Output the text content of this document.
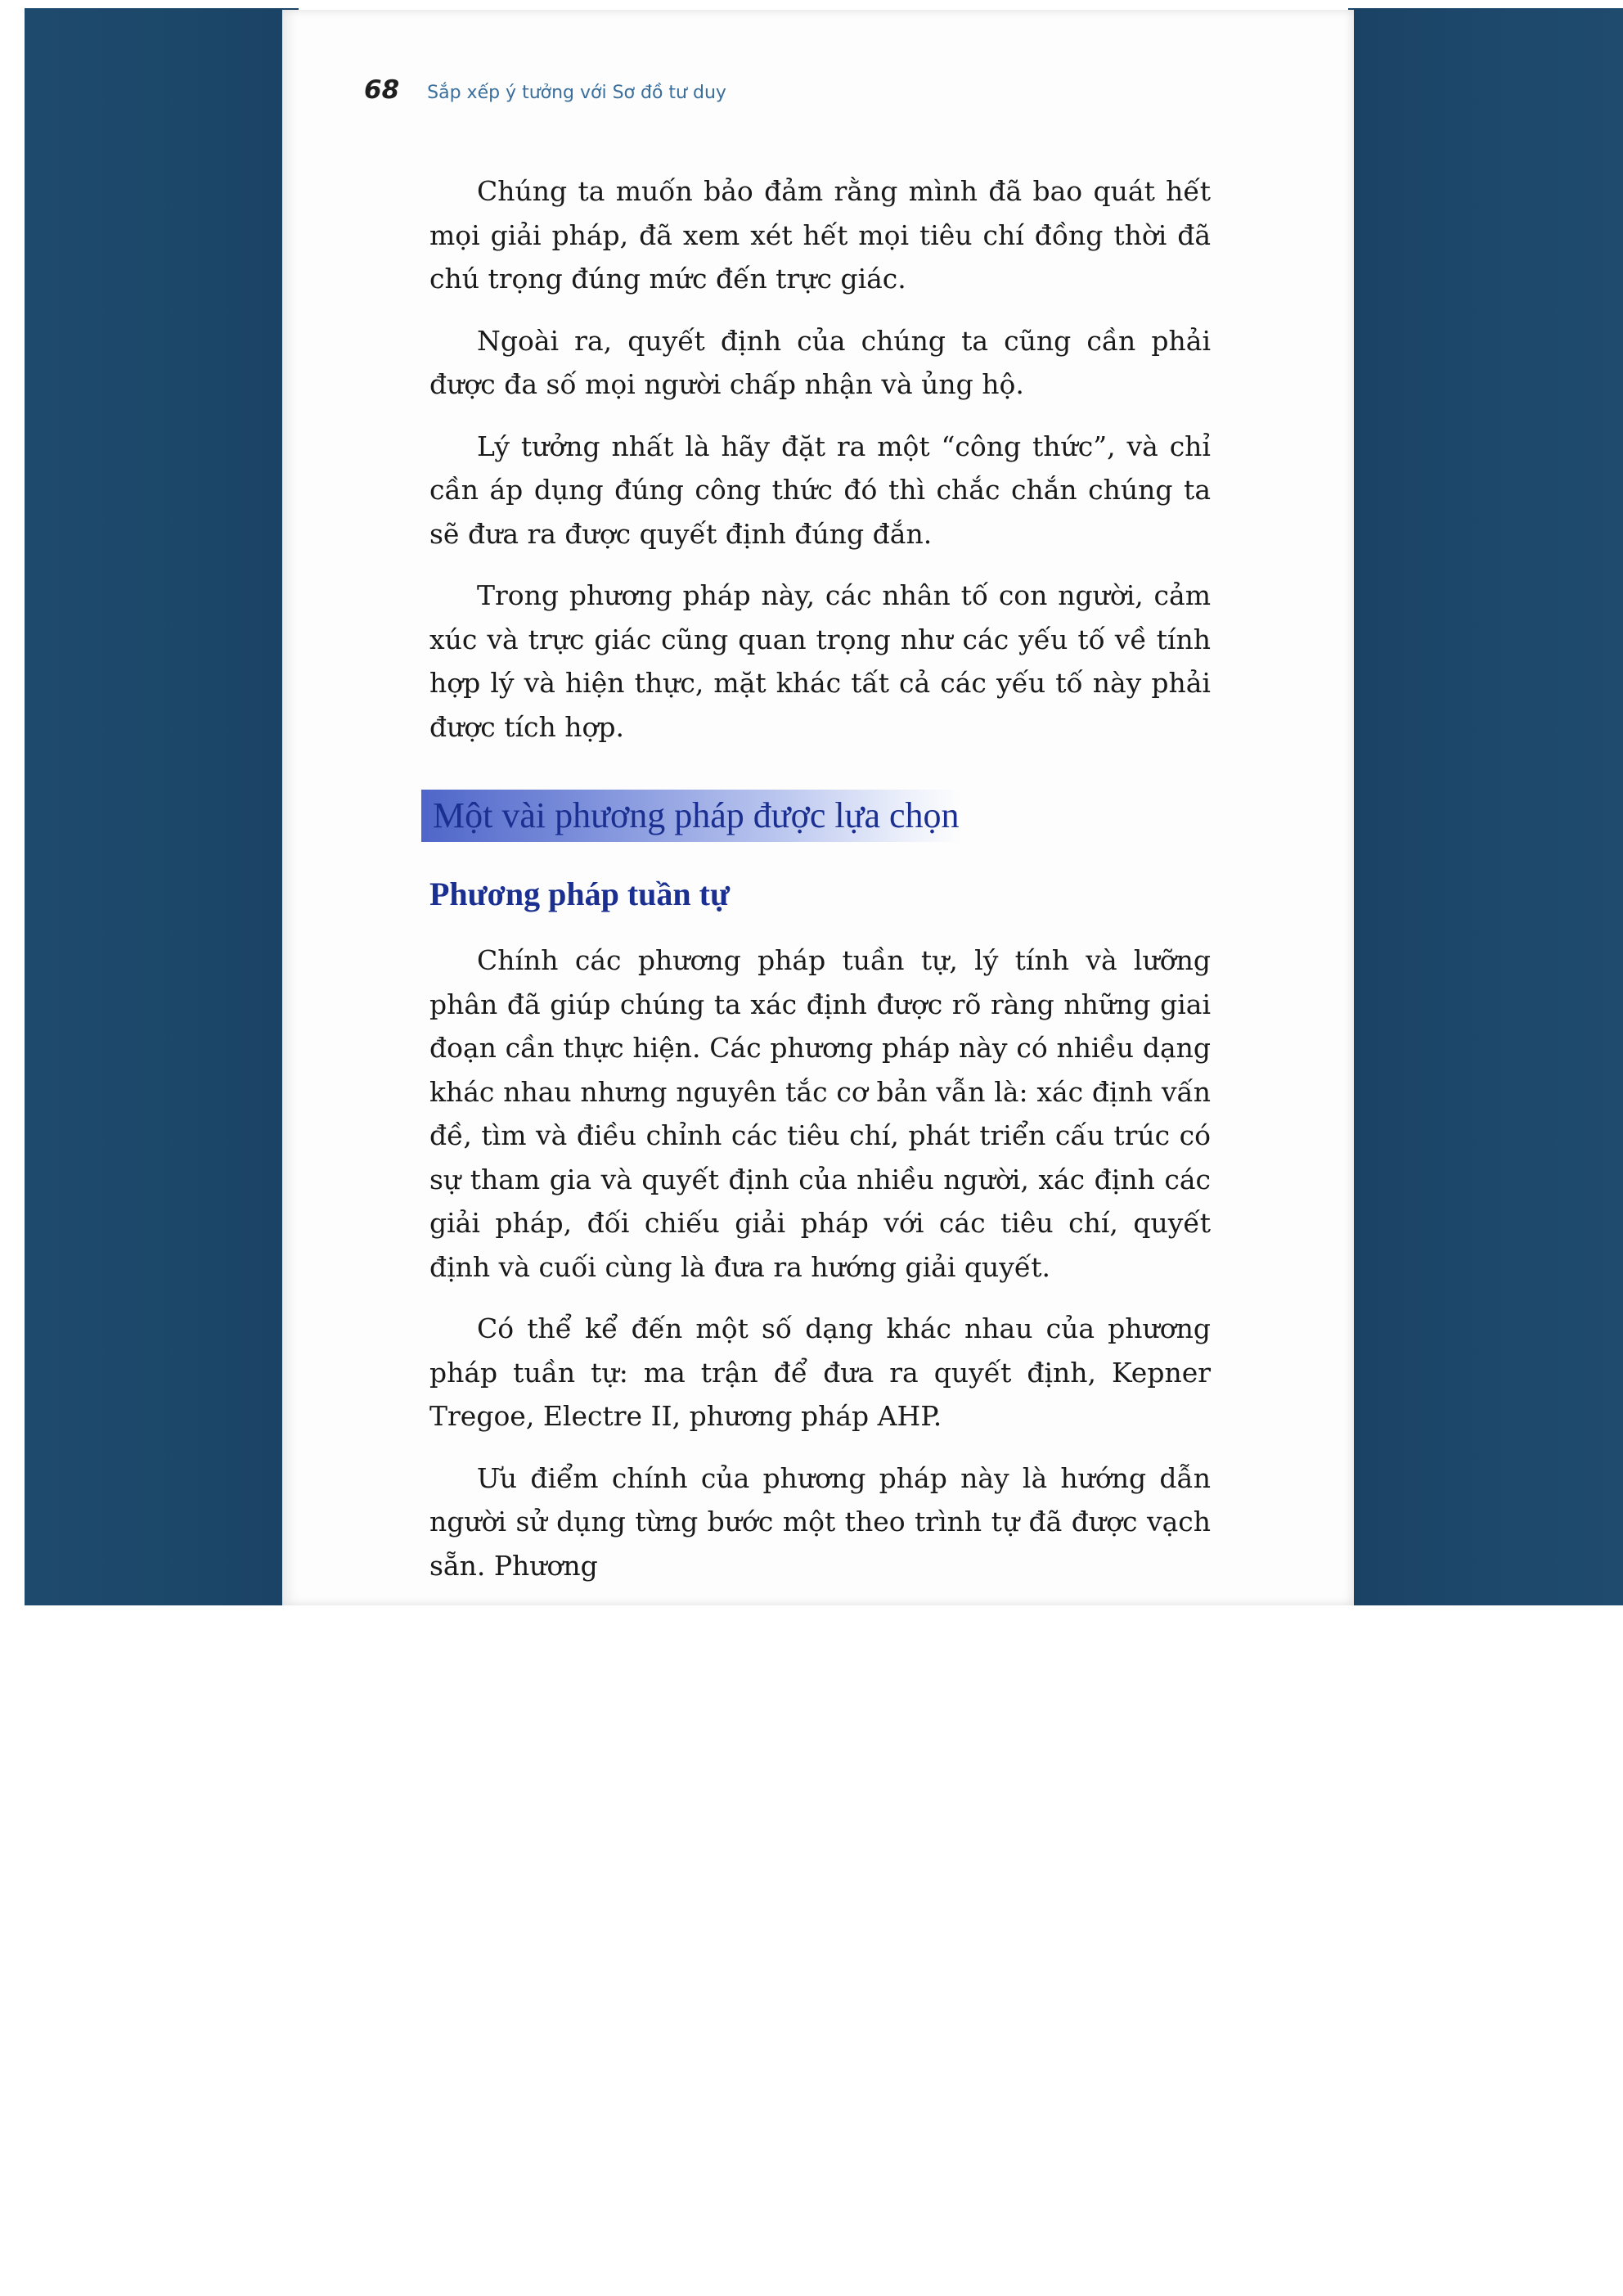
68 Sắp xếp ý tưởng với Sơ đồ tư duy

Chúng ta muốn bảo đảm rằng mình đã bao quát hết mọi giải pháp, đã xem xét hết mọi tiêu chí đồng thời đã chú trọng đúng mức đến trực giác.

Ngoài ra, quyết định của chúng ta cũng cần phải được đa số mọi người chấp nhận và ủng hộ.

Lý tưởng nhất là hãy đặt ra một “công thức”, và chỉ cần áp dụng đúng công thức đó thì chắc chắn chúng ta sẽ đưa ra được quyết định đúng đắn.

Trong phương pháp này, các nhân tố con người, cảm xúc và trực giác cũng quan trọng như các yếu tố về tính hợp lý và hiện thực, mặt khác tất cả các yếu tố này phải được tích hợp.

Một vài phương pháp được lựa chọn
Phương pháp tuần tự

Chính các phương pháp tuần tự, lý tính và lưỡng phân đã giúp chúng ta xác định được rõ ràng những giai đoạn cần thực hiện. Các phương pháp này có nhiều dạng khác nhau nhưng nguyên tắc cơ bản vẫn là: xác định vấn đề, tìm và điều chỉnh các tiêu chí, phát triển cấu trúc có sự tham gia và quyết định của nhiều người, xác định các giải pháp, đối chiếu giải pháp với các tiêu chí, quyết định và cuối cùng là đưa ra hướng giải quyết.

Có thể kể đến một số dạng khác nhau của phương pháp tuần tự: ma trận để đưa ra quyết định, Kepner Tregoe, Electre II, phương pháp AHP.

Ưu điểm chính của phương pháp này là hướng dẫn người sử dụng từng bước một theo trình tự đã được vạch sẵn. Phương
